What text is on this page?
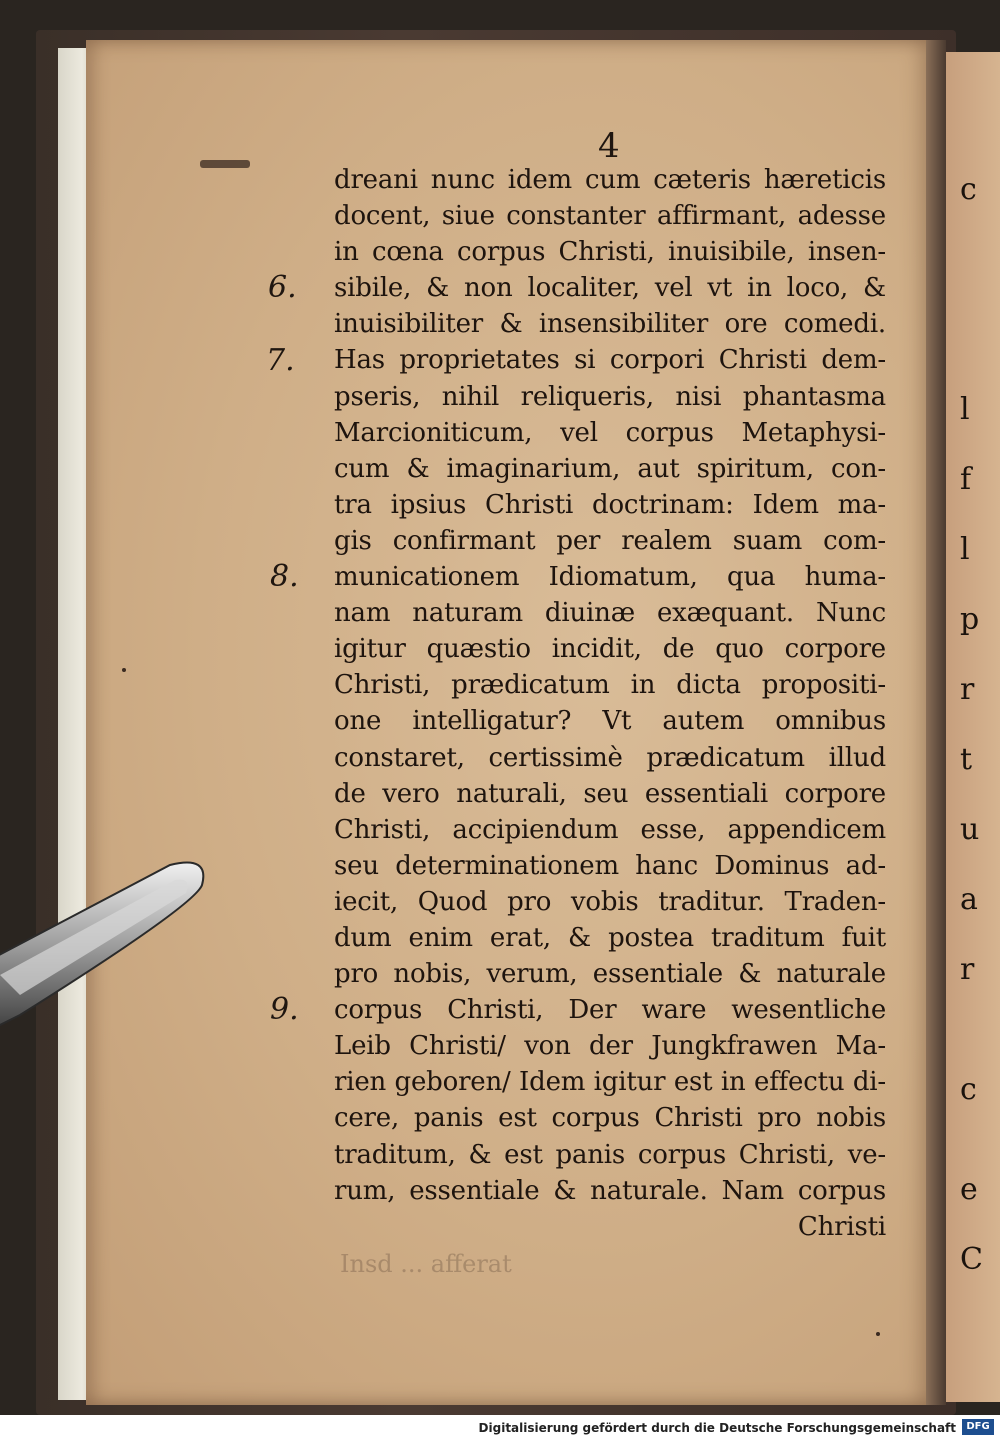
c
l
f
l
p
r
t
u
a
r
c
e
C
4
dreani nunc idem cum cæteris hæreticis
docent, siue constanter affirmant, adesse
in cœna corpus Christi, inuisibile, insen-
sibile, & non localiter, vel vt in loco, &
inuisibiliter & insensibiliter ore comedi.
Has proprietates si corpori Christi dem-
pseris, nihil reliqueris, nisi phantasma
Marcioniticum, vel corpus Metaphysi-
cum & imaginarium, aut spiritum, con-
tra ipsius Christi doctrinam: Idem ma-
gis confirmant per realem suam com-
municationem Idiomatum, qua huma-
nam naturam diuinæ exæquant. Nunc
igitur quæstio incidit, de quo corpore
Christi, prædicatum in dicta propositi-
one intelligatur? Vt autem omnibus
constaret, certissimè prædicatum illud
de vero naturali, seu essentiali corpore
Christi, accipiendum esse, appendicem
seu determinationem hanc Dominus ad-
iecit, Quod pro vobis traditur. Traden-
dum enim erat, & postea traditum fuit
pro nobis, verum, essentiale & naturale
corpus Christi, Der ware wesentliche
Leib Christi/ von der Jungkfrawen Ma-
rien geboren/ Idem igitur est in effectu di-
cere, panis est corpus Christi pro nobis
traditum, & est panis corpus Christi, ve-
rum, essentiale & naturale. Nam corpus
Christi
6.
7.
8.
9.
Insd ... afferat
Digitalisierung gefördert durch die Deutsche Forschungsgemeinschaft	DFG
